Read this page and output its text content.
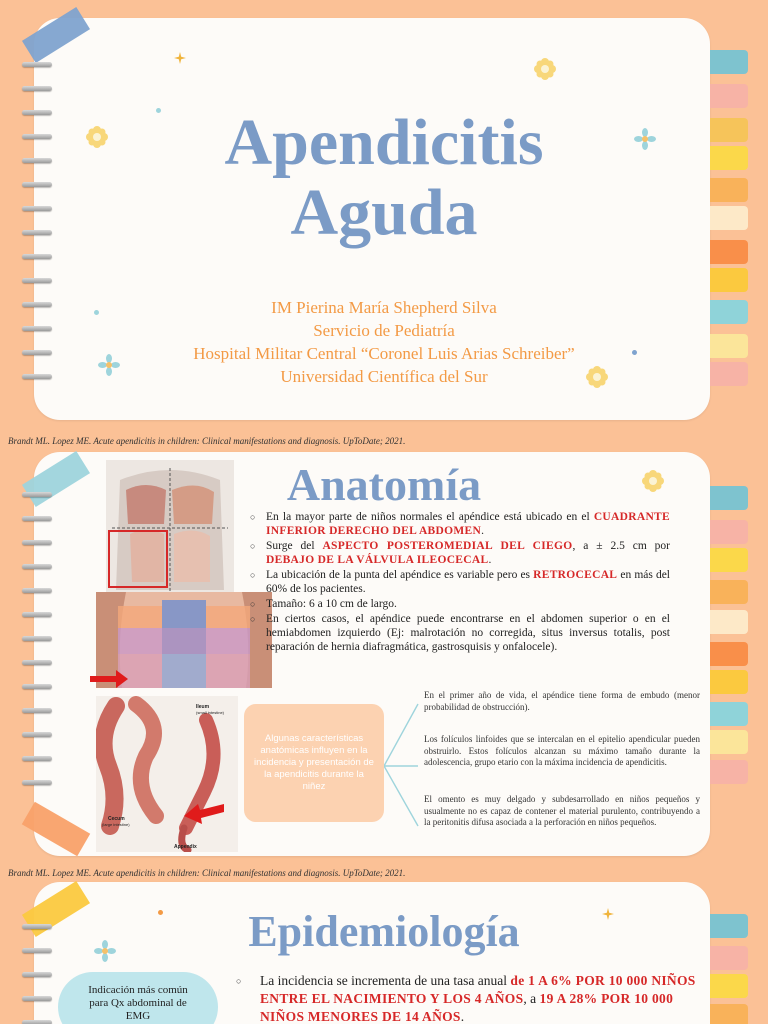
Apendicitis
Aguda
IM Pierina María Shepherd Silva
Servicio de Pediatría
Hospital Militar Central “Coronel Luis Arias Schreiber”
Universidad Científica del Sur
Brandt ML. Lopez ME. Acute apendicitis in children: Clinical manifestations and diagnosis. UpToDate; 2021.
Anatomía
○ En la mayor parte de niños normales el apéndice está ubicado en el CUADRANTE INFERIOR DERECHO DEL ABDOMEN.
○ Surge del ASPECTO POSTEROMEDIAL DEL CIEGO, a ± 2.5 cm por DEBAJO DE LA VÁLVULA ILEOCECAL.
○ La ubicación de la punta del apéndice es variable pero es RETROCECAL en más del 60% de los pacientes.
○ Tamaño: 6 a 10 cm de largo.
○ En ciertos casos, el apéndice puede encontrarse en el abdomen superior o en el hemiabdomen izquierdo (Ej: malrotación no corregida, situs inversus totalis, post reparación de hernia diafragmática, gastrosquisis y onfalocele).
Ileum
(small intestine)
Cecum
(large intestine)
Appendix
Algunas características anatómicas influyen en la incidencia y presentación de la apendicitis durante la niñez
En el primer año de vida, el apéndice tiene forma de embudo (menor probabilidad de obstrucción).
Los folículos linfoides que se intercalan en el epitelio apendicular pueden obstruirlo. Estos folículos alcanzan su máximo tamaño durante la adolescencia, grupo etario con la máxima incidencia de apendicitis.
El omento es muy delgado y subdesarrollado en niños pequeños y usualmente no es capaz de contener el material purulento, contribuyendo a la peritonitis difusa asociada a la perforación en niños pequeños.
Brandt ML. Lopez ME. Acute apendicitis in children: Clinical manifestations and diagnosis. UpToDate; 2021.
Epidemiología
Indicación más común para Qx abdominal de EMG
○ La incidencia se incrementa de una tasa anual de 1 A 6% POR 10 000 NIÑOS ENTRE EL NACIMIENTO Y LOS 4 AÑOS, a 19 A 28% POR 10 000 NIÑOS MENORES DE 14 AÑOS.
